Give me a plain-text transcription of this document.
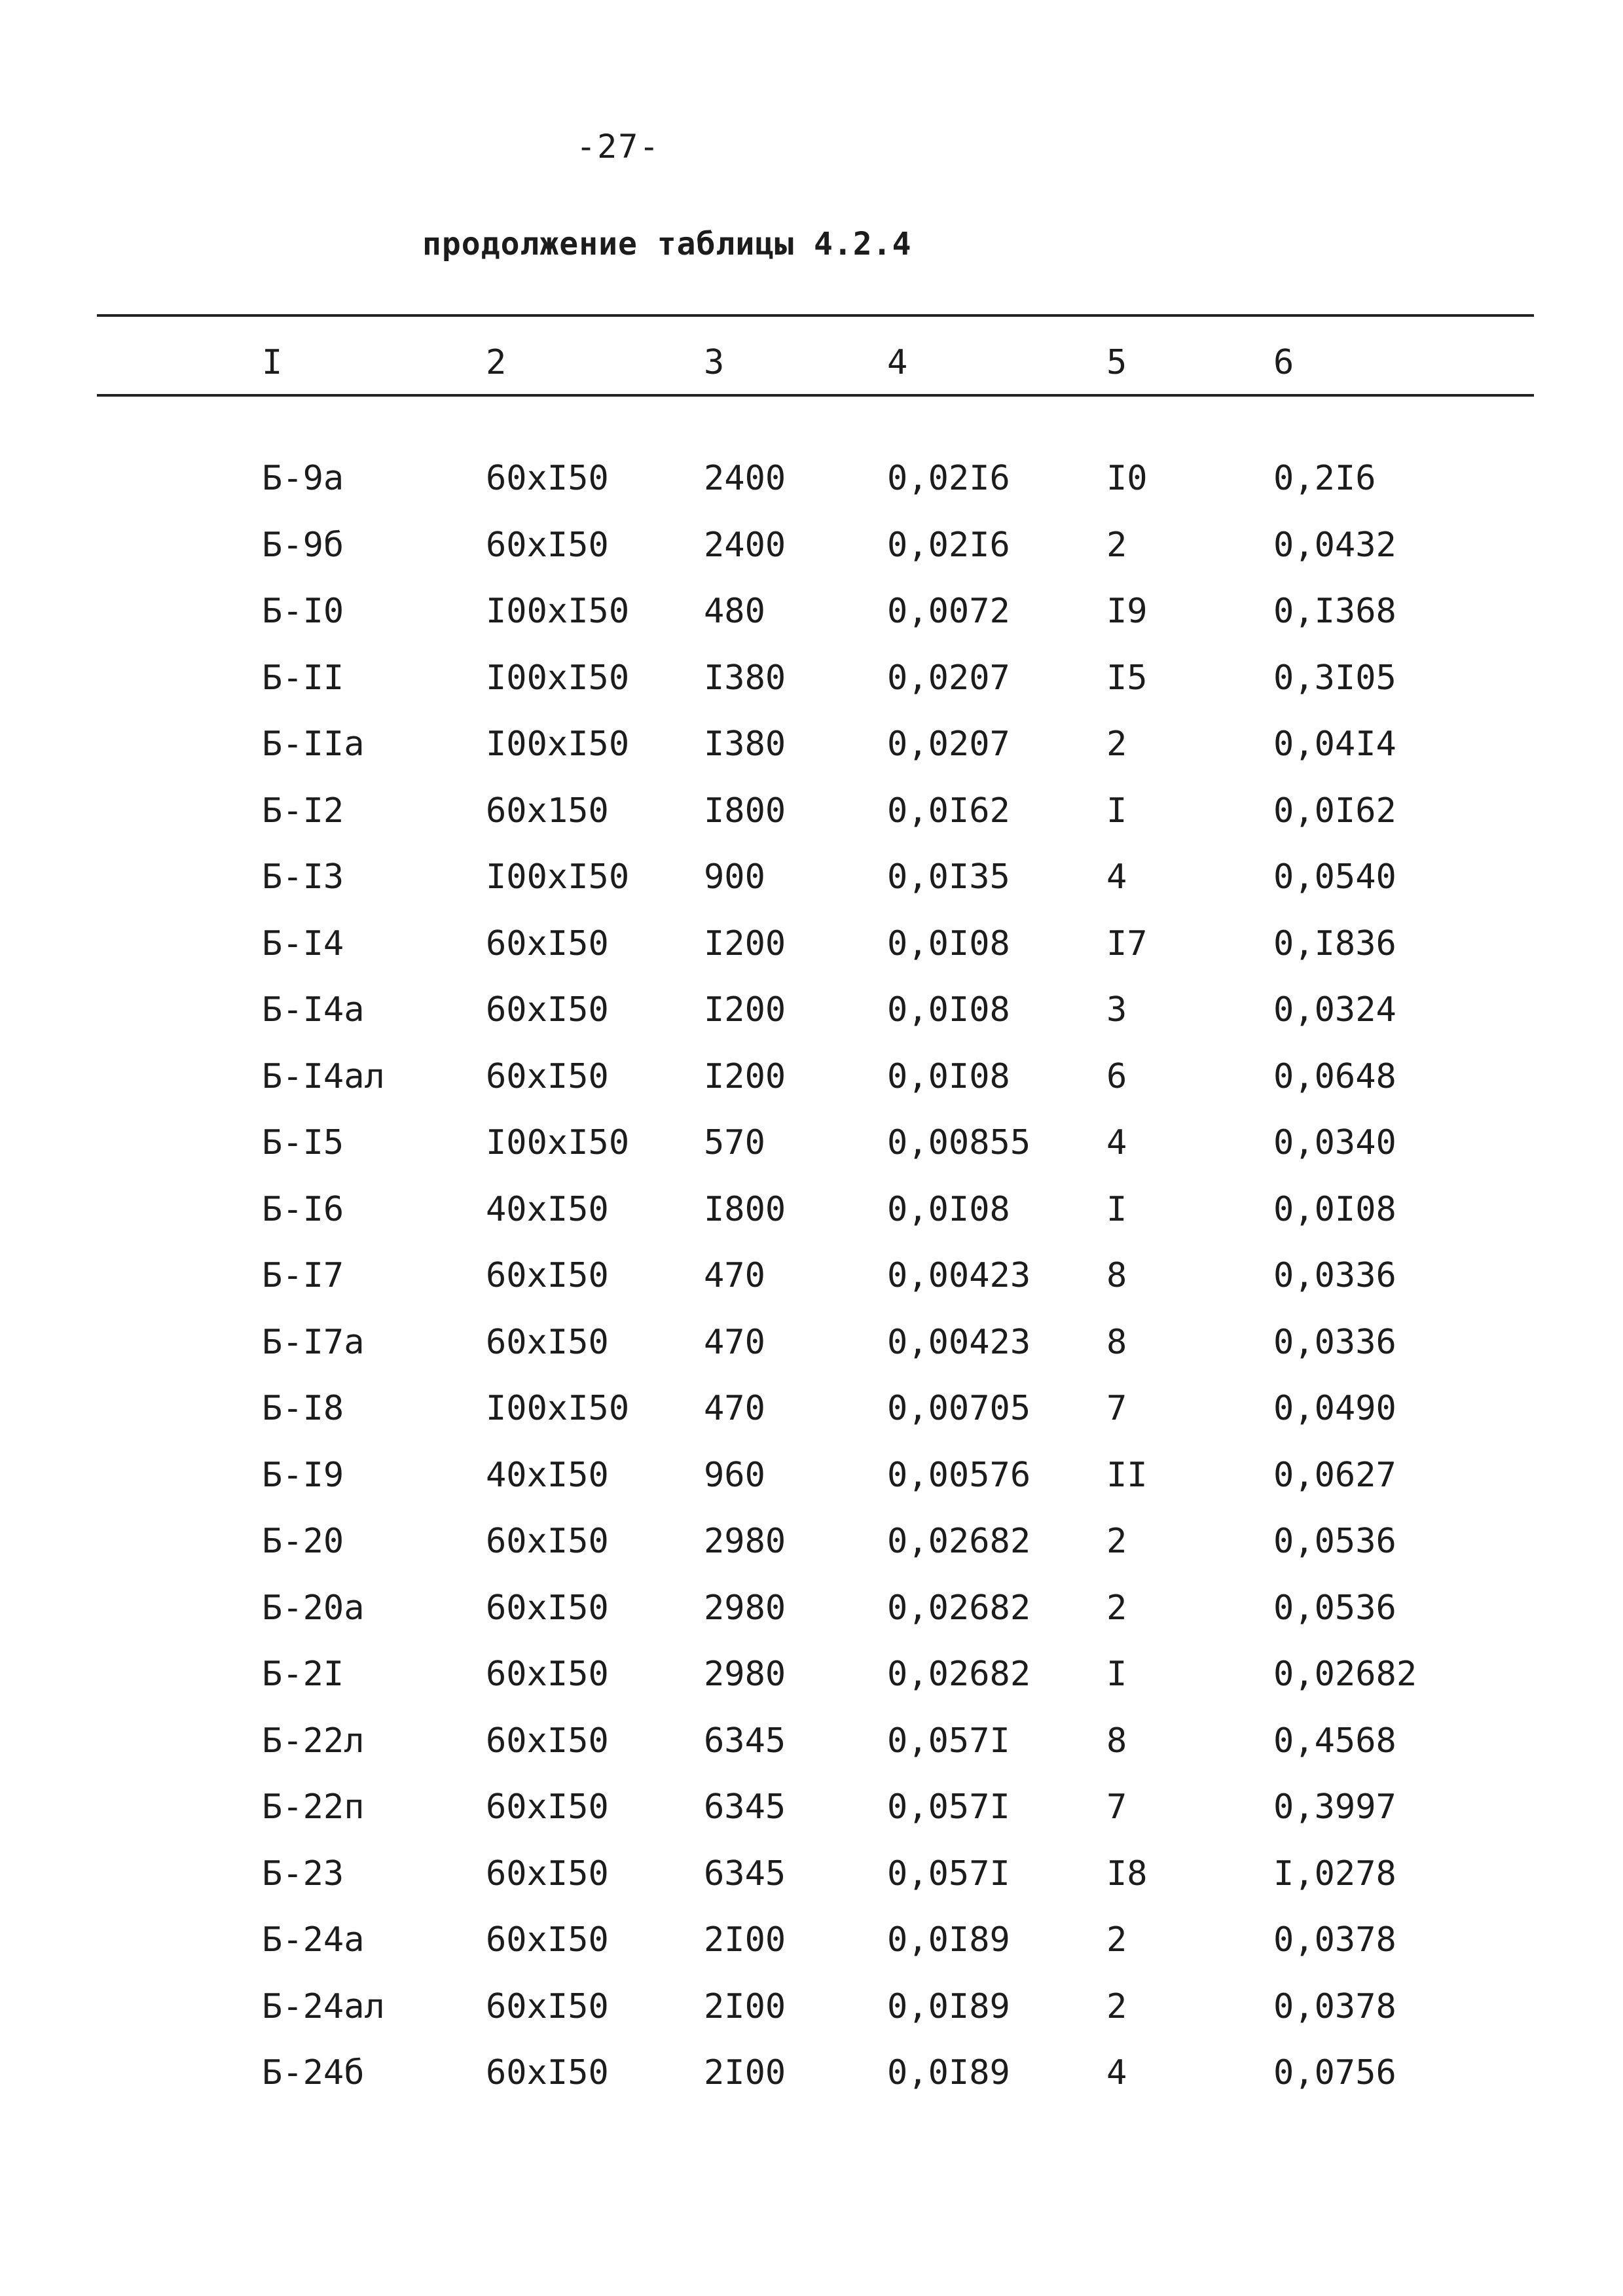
-27-
продолжение таблицы 4.2.4
I	2	3	4	5	6
Б-9а	60хI50	2400	0,02I6	I0	0,2I6
Б-9б	60хI50	2400	0,02I6	2	0,0432
Б-I0	I00хI50 480	0,0072	I9	0,I368
Б-II	I00хI50 I380	0,0207	I5	0,3I05
Б-IIа	I00хI50 I380	0,0207	2	0,04I4
Б-I2	60х150	I800	0,0I62	I	0,0I62
Б-I3	I00хI50 900	0,0I35	4	0,0540
Б-I4	60хI50	I200	0,0I08	I7	0,I836
Б-I4а	60хI50	I200	0,0I08	3	0,0324
Б-I4ал	60хI50	I200	0,0I08	6	0,0648
Б-I5	I00хI50 570	0,00855 4	0,0340
Б-I6	40хI50	I800	0,0I08	I	0,0I08
Б-I7	60хI50	470	0,00423 8	0,0336
Б-I7а	60хI50	470	0,00423 8	0,0336
Б-I8	I00хI50 470	0,00705 7	0,0490
Б-I9	40хI50	960	0,00576 II	0,0627
Б-20	60хI50	2980	0,02682 2	0,0536
Б-20а	60хI50	2980	0,02682 2	0,0536
Б-2I	60хI50	2980	0,02682 I	0,02682
Б-22л	60хI50	6345	0,057I	8	0,4568
Б-22п	60хI50	6345	0,057I	7	0,3997
Б-23	60хI50	6345	0,057I	I8	I,0278
Б-24а	60хI50	2I00	0,0I89	2	0,0378
Б-24ал	60хI50	2I00	0,0I89	2	0,0378
Б-24б	60хI50	2I00	0,0I89	4	0,0756
